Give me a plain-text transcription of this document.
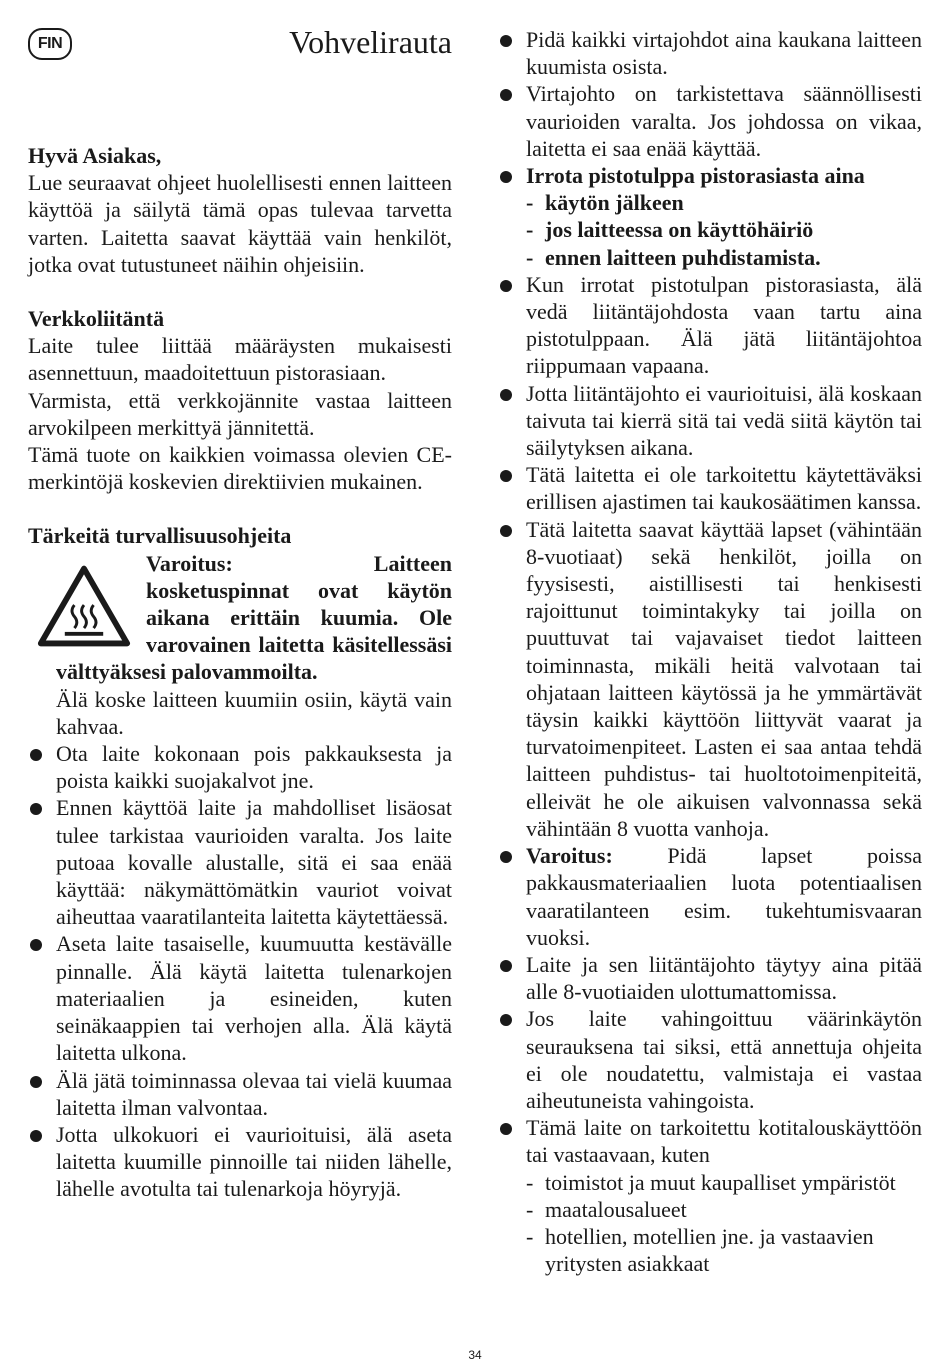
FIN	Vohvelirauta

Hyvä Asiakas,

Lue seuraavat ohjeet huolellisesti ennen laitteen käyttöä ja säilytä tämä opas tulevaa tarvetta varten. Laitetta saavat käyttää vain henkilöt, jotka ovat tutustuneet näihin ohjeisiin.

Verkkoliitäntä

Laite tulee liittää määräysten mukaisesti asennettuun, maadoitettuun pistorasiaan.

Varmista, että verkkojännite vastaa laitteen arvokilpeen merkittyä jännitettä.

Tämä tuote on kaikkien voimassa olevien CE-merkintöjä koskevien direktiivien mukainen.

Tärkeitä turvallisuusohjeita

Varoitus: Laitteen kosketuspinnat ovat käytön aikana erittäin kuumia. Ole varovainen laitetta käsitellessäsi välttyäksesi palovammoilta.

Älä koske laitteen kuumiin osiin, käytä vain kahvaa.

Ota laite kokonaan pois pakkauksesta ja poista kaikki suojakalvot jne.

Ennen käyttöä laite ja mahdolliset lisäosat tulee tarkistaa vaurioiden varalta. Jos laite putoaa kovalle alustalle, sitä ei saa enää käyttää: näkymättömätkin vauriot voivat aiheuttaa vaaratilanteita laitetta käytettäessä.

Aseta laite tasaiselle, kuumuutta kestävälle pinnalle. Älä käytä laitetta tulenarkojen materiaalien ja esineiden, kuten seinäkaappien tai verhojen alla. Älä käytä laitetta ulkona.

Älä jätä toiminnassa olevaa tai vielä kuumaa laitetta ilman valvontaa.

Jotta ulkokuori ei vaurioituisi, älä aseta laitetta kuumille pinnoille tai niiden lähelle, lähelle avotulta tai tulenarkoja höyryjä.

Pidä kaikki virtajohdot aina kaukana laitteen kuumista osista.

Virtajohto on tarkistettava säännöllisesti vaurioiden varalta. Jos johdossa on vikaa, laitetta ei saa enää käyttää.

Irrota pistotulppa pistorasiasta aina

- käytön jälkeen

- jos laitteessa on käyttöhäiriö

- ennen laitteen puhdistamista.

Kun irrotat pistotulpan pistorasiasta, älä vedä liitäntäjohdosta vaan tartu aina pistotulppaan. Älä jätä liitäntäjohtoa riippumaan vapaana.

Jotta liitäntäjohto ei vaurioituisi, älä koskaan taivuta tai kierrä sitä tai vedä siitä käytön tai säilytyksen aikana.

Tätä laitetta ei ole tarkoitettu käytettäväksi erillisen ajastimen tai kaukosäätimen kanssa.

Tätä laitetta saavat käyttää lapset (vähintään 8-vuotiaat) sekä henkilöt, joilla on fyysisesti, aistillisesti tai henkisesti rajoittunut toimintakyky tai joilla on puuttuvat tai vajavaiset tiedot laitteen toiminnasta, mikäli heitä valvotaan tai ohjataan laitteen käytössä ja he ymmärtävät täysin kaikki käyttöön liittyvät vaarat ja turvatoimenpiteet. Lasten ei saa antaa tehdä laitteen puhdistus- tai huoltotoimenpiteitä, elleivät he ole aikuisen valvonnassa sekä vähintään 8 vuotta vanhoja.

Varoitus: Pidä lapset poissa pakkausmateriaalien luota potentiaalisen vaaratilanteen esim. tukehtumisvaaran vuoksi.

Laite ja sen liitäntäjohto täytyy aina pitää alle 8-vuotiaiden ulottumattomissa.

Jos laite vahingoittuu väärinkäytön seurauksena tai siksi, että annettuja ohjeita ei ole noudatettu, valmistaja ei vastaa aiheutuneista vahingoista.

Tämä laite on tarkoitettu kotitalouskäyttöön tai vastaavaan, kuten

- toimistot ja muut kaupalliset ympäristöt

- maatalousalueet

- hotellien, motellien jne. ja vastaavien yritysten asiakkaat

34
